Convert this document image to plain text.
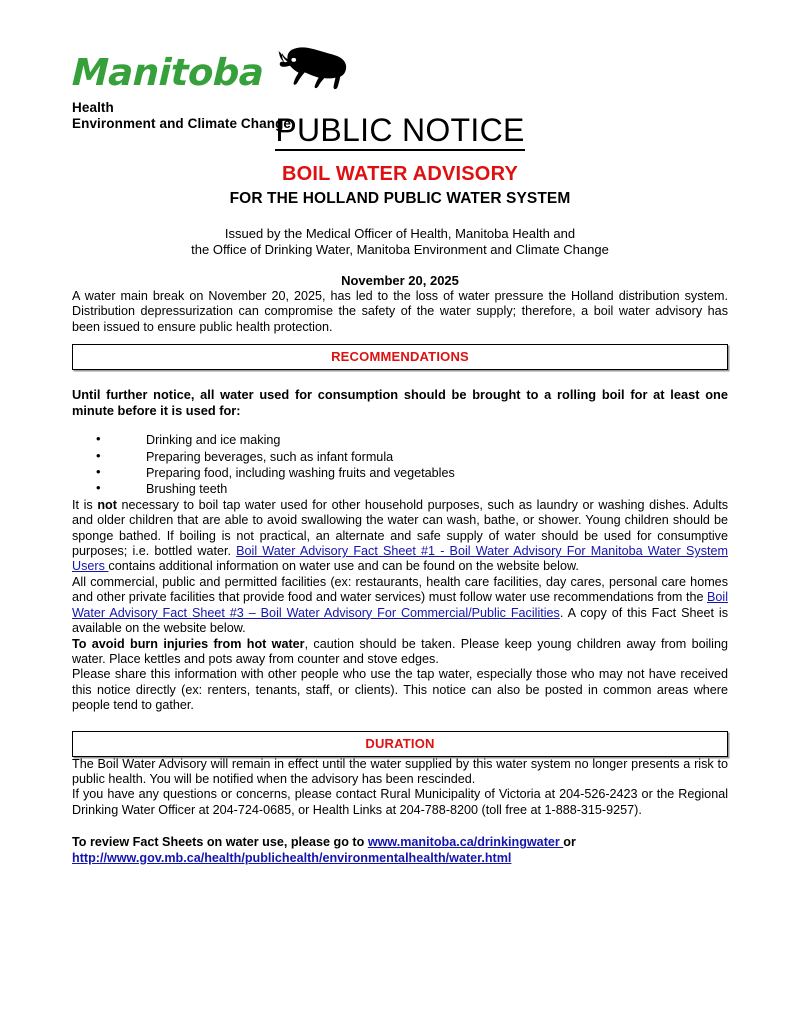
Manitoba
Health
Environment and Climate Change
PUBLIC NOTICE
BOIL WATER ADVISORY
FOR THE HOLLAND PUBLIC WATER SYSTEM
Issued by the Medical Officer of Health, Manitoba Health and
the Office of Drinking Water, Manitoba Environment and Climate Change
November 20, 2025

A water main break on November 20, 2025, has led to the loss of water pressure the Holland distribution system. Distribution depressurization can compromise the safety of the water supply; therefore, a boil water advisory has been issued to ensure public health protection.

RECOMMENDATIONS

Until further notice, all water used for consumption should be brought to a rolling boil for at least one minute before it is used for:

• Drinking and ice making
• Preparing beverages, such as infant formula
• Preparing food, including washing fruits and vegetables
• Brushing teeth

It is not necessary to boil tap water used for other household purposes, such as laundry or washing dishes. Adults and older children that are able to avoid swallowing the water can wash, bathe, or shower. Young children should be sponge bathed. If boiling is not practical, an alternate and safe supply of water should be used for consumptive purposes; i.e. bottled water. Boil Water Advisory Fact Sheet #1 - Boil Water Advisory For Manitoba Water System Users contains additional information on water use and can be found on the website below.

All commercial, public and permitted facilities (ex: restaurants, health care facilities, day cares, personal care homes and other private facilities that provide food and water services) must follow water use recommendations from the Boil Water Advisory Fact Sheet #3 – Boil Water Advisory For Commercial/Public Facilities. A copy of this Fact Sheet is available on the website below.

To avoid burn injuries from hot water, caution should be taken. Please keep young children away from boiling water. Place kettles and pots away from counter and stove edges.

Please share this information with other people who use the tap water, especially those who may not have received this notice directly (ex: renters, tenants, staff, or clients). This notice can also be posted in common areas where people tend to gather.

DURATION

The Boil Water Advisory will remain in effect until the water supplied by this water system no longer presents a risk to public health. You will be notified when the advisory has been rescinded.

If you have any questions or concerns, please contact Rural Municipality of Victoria at 204-526-2423 or the Regional Drinking Water Officer at 204-724-0685, or Health Links at 204-788-8200 (toll free at 1-888-315-9257).

To review Fact Sheets on water use, please go to www.manitoba.ca/drinkingwater or
http://www.gov.mb.ca/health/publichealth/environmentalhealth/water.html
